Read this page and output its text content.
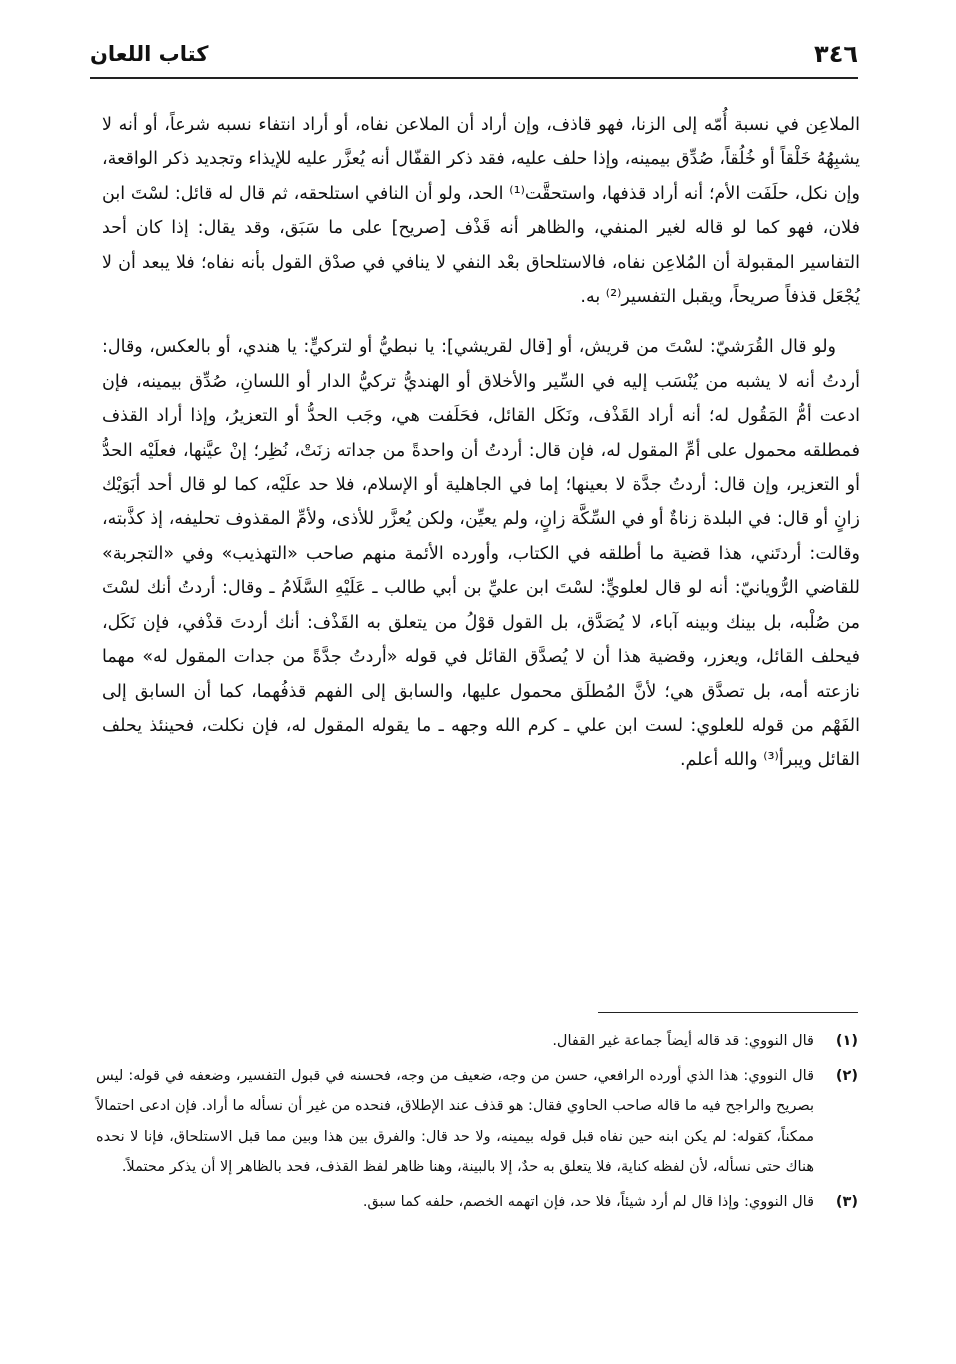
٣٤٦
كتاب اللعان

الملاعِن في نسبة أُمّه إلى الزنا، فهو قاذف، وإن أراد أن الملاعن نفاه، أو أراد انتفاء نسبه شرعاً، أو أنه لا يشبِهُهُ خَلْقاً أو خُلُقاً، صُدِّق بيمينه، وإذا حلف عليه، فقد ذكر القفّال أنه يُعزَّر عليه للإيذاء وتجديد ذكر الواقعة، وإن نكل، حلَفَت الأم؛ أنه أراد قذفها، واستحقَّت⁽¹⁾ الحد، ولو أن النافي استلحقه، ثم قال له قائل: لسْتَ ابن فلان، فهو كما لو قاله لغير المنفي، والظاهر أنه قَذْف [صريح] على ما سَبَق، وقد يقال: إذا كان أحد التفاسير المقبولة أن المُلاعِن نفاه، فالاستلحاق بعْد النفي لا ينافي في صدْق القول بأنه نفاه؛ فلا يبعد أن لا يُجْعَل قذفاً صريحاً، ويقبل التفسير⁽²⁾ به.

ولو قال القُرَشيّ: لسْتَ من قريش، أو [قال لقريشي]: يا نبطيُّ أو لتركيٍّ: يا هندي، أو بالعكس، وقال: أردتُ أنه لا يشبه من يُنْسَب إليه في السِّير والأخلاق أو الهنديُّ تركيُّ الدار أو اللسانِ، صُدِّق بيمينه، فإن ادعت أمُّ المَقُول له؛ أنه أراد القَذْف، ونَكَل القائل، فحَلَفت هي، وجَب الحدُّ أو التعزيرُ، وإذا أراد القذف فمطلقه محمول على أمِّ المقول له، فإن قال: أردتُ أن واحدةً من جداته زنَتْ، نُظِر؛ إنْ عيَّنها، فعلَيْه الحدُّ أو التعزير، وإن قال: أردتُ جدَّة لا بعينها؛ إما في الجاهلية أو الإسلام، فلا حد علَيْه، كما لو قال أحد أبَوَيْك زانٍ أو قال: في البلدة زناةٌ أو في السِّكَّة زانٍ، ولم يعيِّن، ولكن يُعزَّر للأذى، ولأمِّ المقذوف تحليفه، إذ كذَّبته، وقالت: أردتَني، هذا قضية ما أطلقه في الكتاب، وأورده الأئمة منهم صاحب «التهذيب» وفي «التجربة» للقاضي الرُّويانيّ: أنه لو قال لعلويٍّ: لسْتَ ابن عليِّ بن أبي طالب ـ عَلَيْهِ السَّلَامُ ـ وقال: أردتُ أنك لسْتَ من صُلْبه، بل بينك وبينه آباء، لا يُصَدَّق، بل القول قوْلُ من يتعلق به القَذْف: أنك أردتَ قذْفي، فإن نَكَل، فيحلف القائل، ويعزر، وقضية هذا أن لا يُصدَّق القائل في قوله «أردتُ جدَّةً من جدات المقول له» مهما نازعته أمه، بل تصدَّق هي؛ لأنَّ المُطلَق محمول عليها، والسابق إلى الفهم قذفُهما، كما أن السابق إلى الفَهْم من قوله للعلوي: لست ابن علي ـ كرم الله وجهه ـ ما يقوله المقول له، فإن نكلت، فحينئذ يحلف القائل ويبرأ⁽³⁾ والله أعلم.

(١)
قال النووي: قد قاله أيضاً جماعة غير القفال.
(٢)
قال النووي: هذا الذي أورده الرافعي، حسن من وجه، ضعيف من وجه، فحسنه في قبول التفسير، وضعفه في قوله: ليس بصريح والراجح فيه ما قاله صاحب الحاوي فقال: هو قذف عند الإطلاق، فنحده من غير أن نسأله ما أراد. فإن ادعى احتمالاً ممكناً، كقوله: لم يكن ابنه حين نفاه قبل قوله بيمينه، ولا حد قال: والفرق بين هذا وبين مما قبل الاستلحاق، فإنا لا نحده هناك حتى نسأله، لأن لفظه كناية، فلا يتعلق به حدٌ، إلا بالبينة، وهنا ظاهر لفظ القذف، فحد بالظاهر إلا أن يذكر محتملاً.
(٣)
قال النووي: وإذا قال لم أرد شيئاً، فلا حد، فإن اتهمه الخصم، حلفه كما سبق.
